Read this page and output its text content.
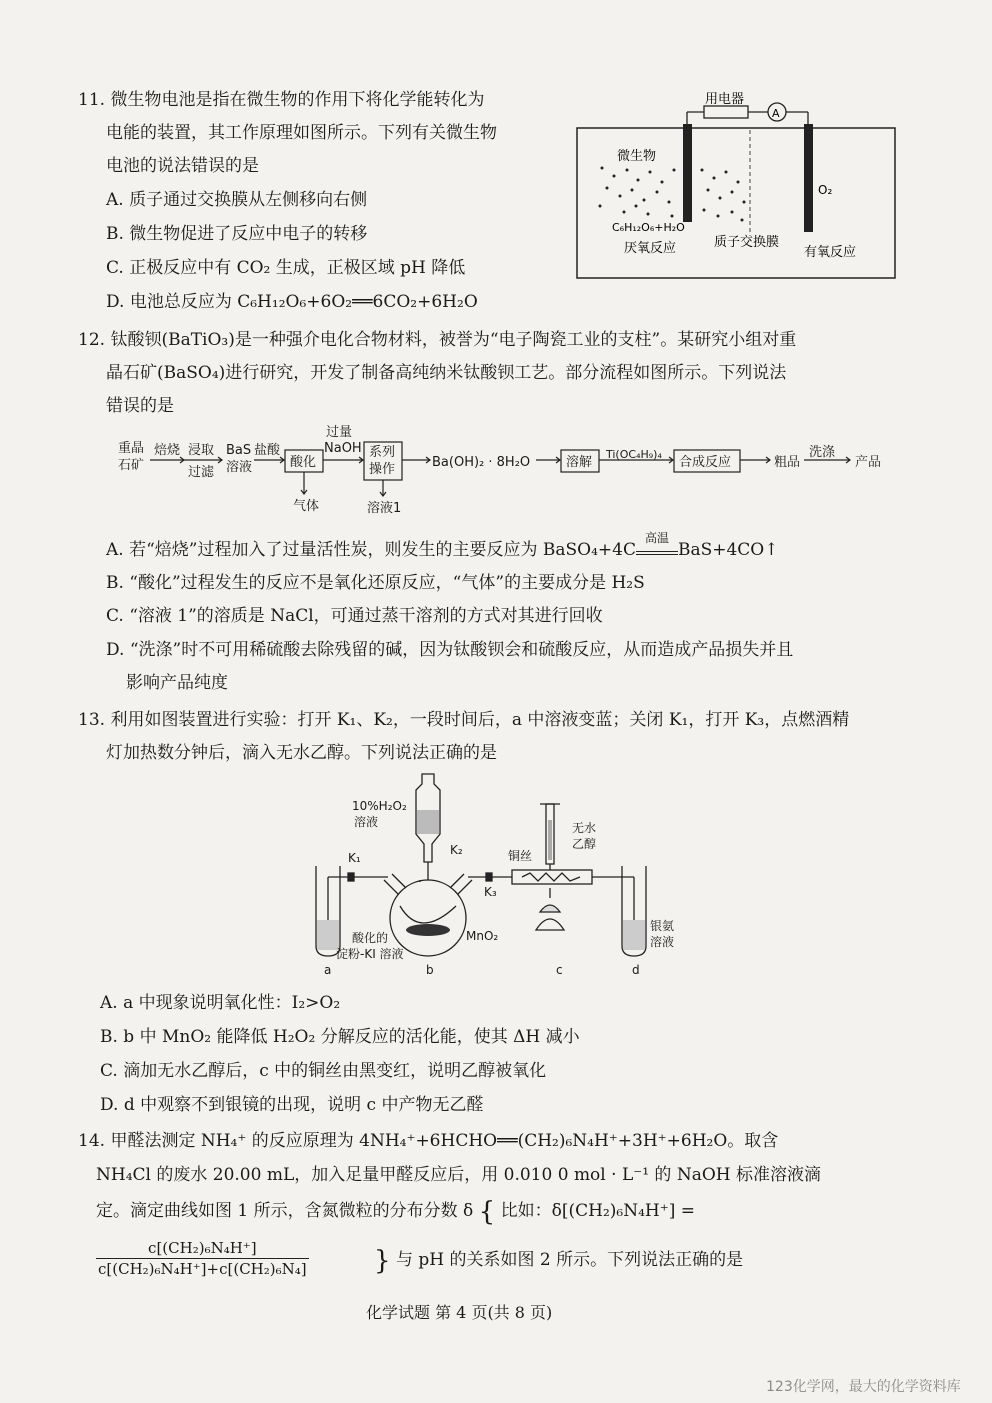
11. 微生物电池是指在微生物的作用下将化学能转化为
电能的装置，其工作原理如图所示。下列有关微生物
电池的说法错误的是
A. 质子通过交换膜从左侧移向右侧
B. 微生物促进了反应中电子的转移
C. 正极反应中有 CO₂ 生成，正极区域 pH 降低
D. 电池总反应为 C₆H₁₂O₆+6O₂══6CO₂+6H₂O
微生物
用电器
A
C₆H₁₂O₆+H₂O
厌氧反应	质子交换膜
有氧反应
O₂
12. 钛酸钡(BaTiO₃)是一种强介电化合物材料，被誉为“电子陶瓷工业的支柱”。某研究小组对重
晶石矿(BaSO₄)进行研究，开发了制备高纯纳米钛酸钡工艺。部分流程如图所示。下列说法
错误的是
重晶
石矿
焙烧 浸取
过滤
BaS
溶液
盐酸
酸化
气体
过量
NaOH 系列
操作
溶液1
Ba(OH)₂ · 8H₂O	溶解
Ti(OC₄H₉)₄
合成反应	粗品
洗涤
产品
A. 若“焙烧”过程加入了过量活性炭，则发生的主要反应为 BaSO₄+4C
高温
BaS+4CO↑
B. “酸化”过程发生的反应不是氧化还原反应，“气体”的主要成分是 H₂S
C. “溶液 1”的溶质是 NaCl，可通过蒸干溶剂的方式对其进行回收
D. “洗涤”时不可用稀硫酸去除残留的碱，因为钛酸钡会和硫酸反应，从而造成产品损失并且
影响产品纯度
13. 利用如图装置进行实验：打开 K₁、K₂，一段时间后，a 中溶液变蓝；关闭 K₁，打开 K₃，点燃酒精
灯加热数分钟后，滴入无水乙醇。下列说法正确的是
10%H₂O₂
溶液
K₁
K₂
K₃
无水
乙醇
铜丝
酸化的
淀粉-KI 溶液
MnO₂
银氨
溶液
a	b	c	d
A. a 中现象说明氧化性：I₂>O₂
B. b 中 MnO₂ 能降低 H₂O₂ 分解反应的活化能，使其 ΔH 减小
C. 滴加无水乙醇后，c 中的铜丝由黑变红，说明乙醇被氧化
D. d 中观察不到银镜的出现，说明 c 中产物无乙醛
14. 甲醛法测定 NH₄⁺ 的反应原理为 4NH₄⁺+6HCHO══(CH₂)₆N₄H⁺+3H⁺+6H₂O。取含
NH₄Cl 的废水 20.00 mL，加入足量甲醛反应后，用 0.010 0 mol · L⁻¹ 的 NaOH 标准溶液滴
定。滴定曲线如图 1 所示，含氮微粒的分布分数 δ { 比如：δ[(CH₂)₆N₄H⁺] =
$\frac{\text{c[(CH₂)₆N₄H⁺]}}{\text{c[(CH₂)₆N₄H⁺]+c[(CH₂)₆N₄]}}$	} 与 pH 的关系如图 2 所示。下列说法正确的是
化学试题 第 4 页(共 8 页)
123化学网，最大的化学资料库
